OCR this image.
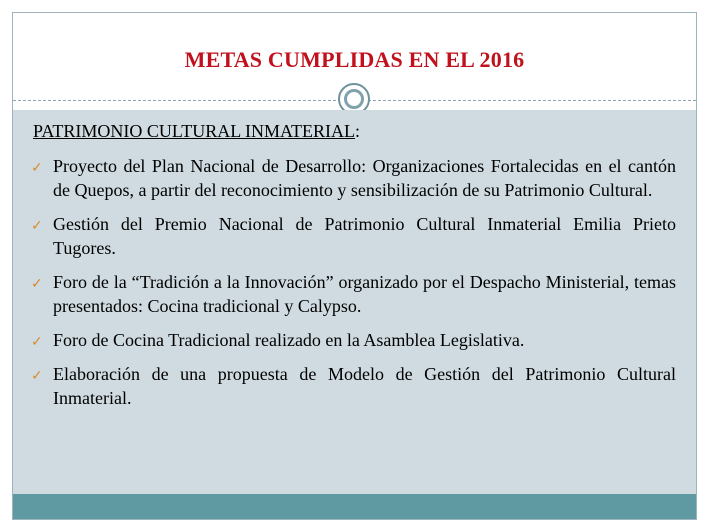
METAS CUMPLIDAS EN EL 2016
PATRIMONIO CULTURAL INMATERIAL:
✓ Proyecto del Plan Nacional de Desarrollo: Organizaciones Fortalecidas en el cantón de Quepos, a partir del reconocimiento y sensibilización de su Patrimonio Cultural.
✓ Gestión del Premio Nacional de Patrimonio Cultural Inmaterial Emilia Prieto Tugores.
✓ Foro de la “Tradición a la Innovación” organizado por el Despacho Ministerial, temas presentados: Cocina tradicional y Calypso.
✓ Foro de Cocina Tradicional realizado en la Asamblea Legislativa.
✓ Elaboración de una propuesta de Modelo de Gestión del Patrimonio Cultural Inmaterial.
